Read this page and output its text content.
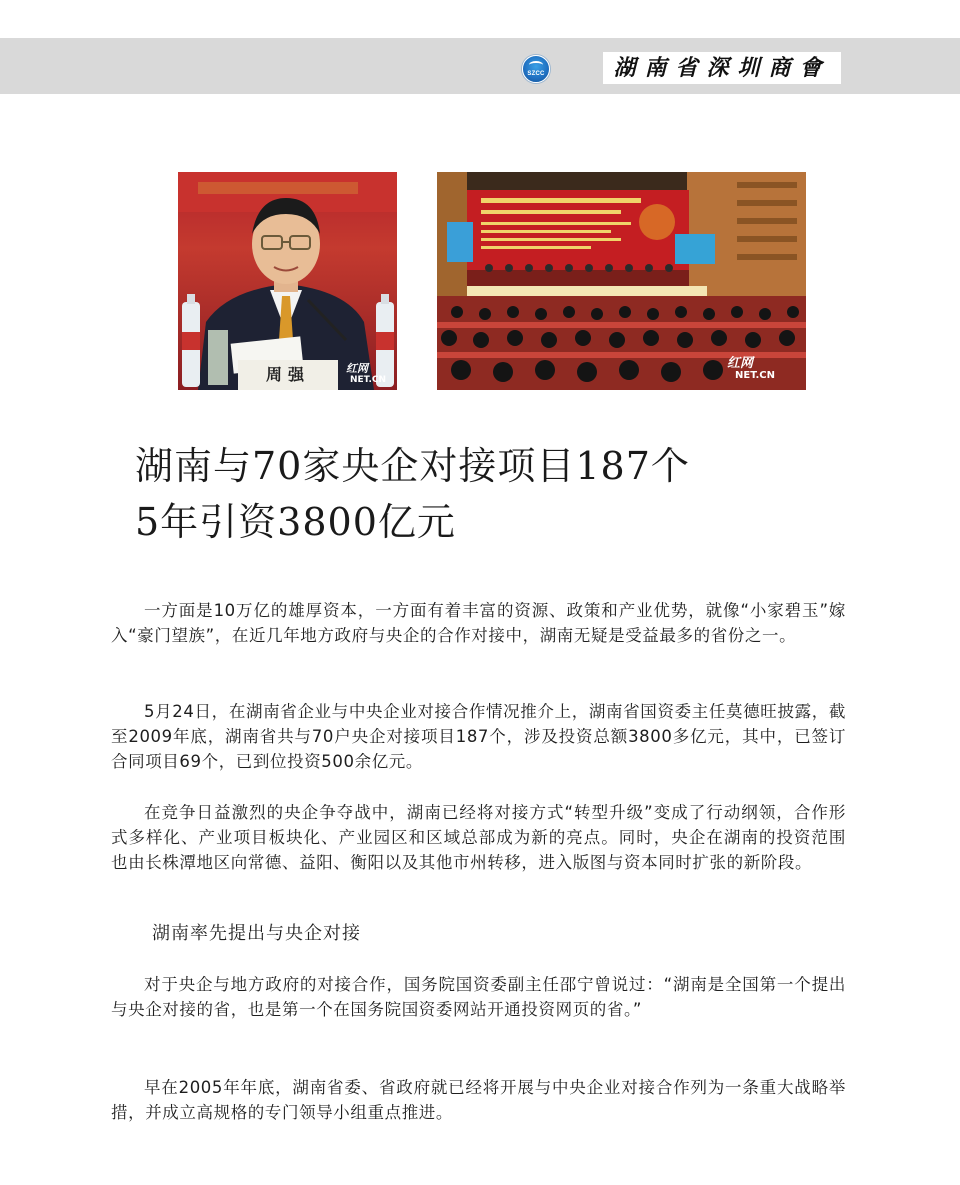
SZCC	湖南省深圳商會
周强	红网
NET.CN
红网
NET.CN
湖南与70家央企对接项目187个
5年引资3800亿元
一方面是10万亿的雄厚资本，一方面有着丰富的资源、政策和产业优势，就像“小家碧玉”嫁入“豪门望族”，在近几年地方政府与央企的合作对接中，湖南无疑是受益最多的省份之一。
5月24日，在湖南省企业与中央企业对接合作情况推介上，湖南省国资委主任莫德旺披露，截至2009年底，湖南省共与70户央企对接项目187个，涉及投资总额3800多亿元，其中，已签订合同项目69个，已到位投资500余亿元。
在竞争日益激烈的央企争夺战中，湖南已经将对接方式“转型升级”变成了行动纲领，合作形式多样化、产业项目板块化、产业园区和区域总部成为新的亮点。同时，央企在湖南的投资范围也由长株潭地区向常德、益阳、衡阳以及其他市州转移，进入版图与资本同时扩张的新阶段。
湖南率先提出与央企对接
对于央企与地方政府的对接合作，国务院国资委副主任邵宁曾说过：“湖南是全国第一个提出与央企对接的省，也是第一个在国务院国资委网站开通投资网页的省。”
早在2005年年底，湖南省委、省政府就已经将开展与中央企业对接合作列为一条重大战略举措，并成立高规格的专门领导小组重点推进。
